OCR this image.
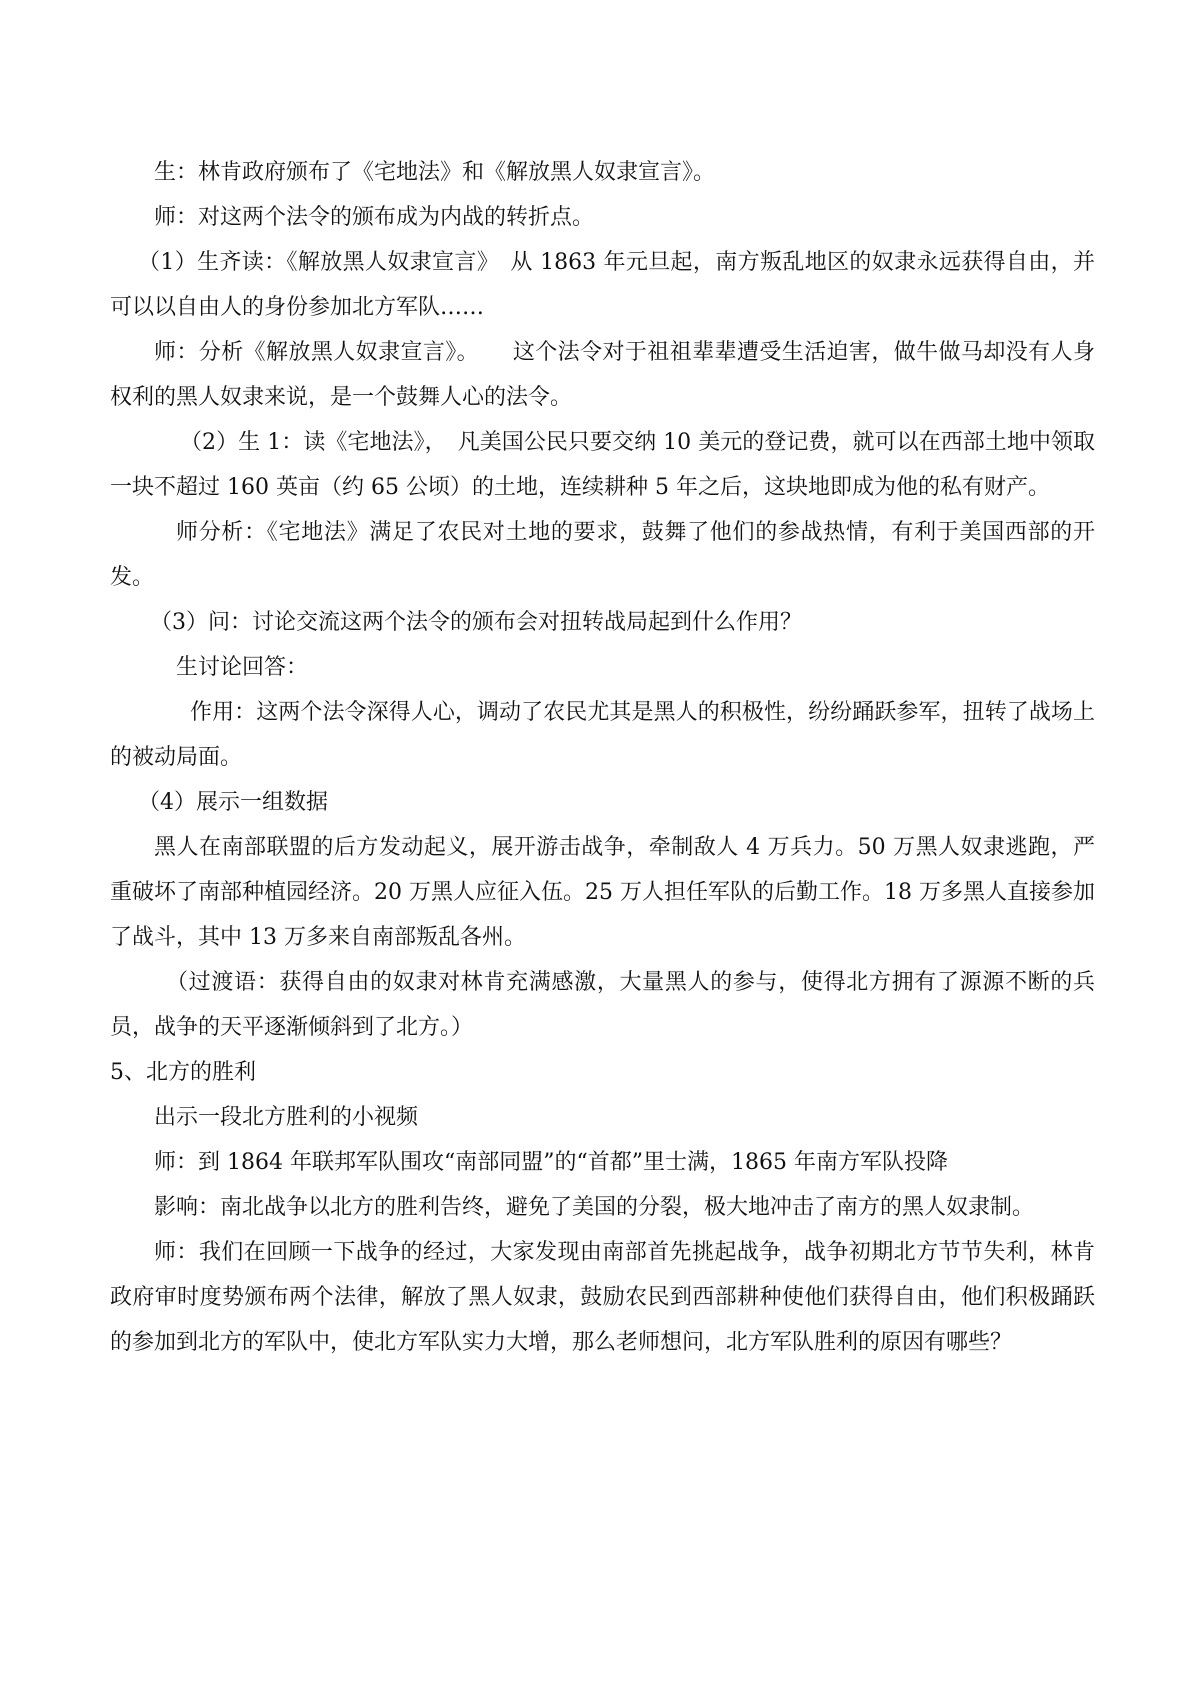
生：林肯政府颁布了《宅地法》和《解放黑人奴隶宣言》。

师：对这两个法令的颁布成为内战的转折点。

（1）生齐读：《解放黑人奴隶宣言》　从 1863 年元旦起，南方叛乱地区的奴隶永远获得自由，并可以以自由人的身份参加北方军队……

师：分析《解放黑人奴隶宣言》。　　这个法令对于祖祖辈辈遭受生活迫害，做牛做马却没有人身权利的黑人奴隶来说，是一个鼓舞人心的法令。

（2）生 1：读《宅地法》，　凡美国公民只要交纳 10 美元的登记费，就可以在西部土地中领取一块不超过 160 英亩（约 65 公顷）的土地，连续耕种 5 年之后，这块地即成为他的私有财产。

师分析：《宅地法》满足了农民对土地的要求，鼓舞了他们的参战热情，有利于美国西部的开发。

（3）问：讨论交流这两个法令的颁布会对扭转战局起到什么作用？

生讨论回答：

作用：这两个法令深得人心，调动了农民尤其是黑人的积极性，纷纷踊跃参军，扭转了战场上的被动局面。

（4）展示一组数据

黑人在南部联盟的后方发动起义，展开游击战争，牵制敌人 4 万兵力。50 万黑人奴隶逃跑，严重破坏了南部种植园经济。20 万黑人应征入伍。25 万人担任军队的后勤工作。18 万多黑人直接参加了战斗，其中 13 万多来自南部叛乱各州。

（过渡语：获得自由的奴隶对林肯充满感激，大量黑人的参与，使得北方拥有了源源不断的兵员，战争的天平逐渐倾斜到了北方。）

5、北方的胜利

出示一段北方胜利的小视频

师：到 1864 年联邦军队围攻“南部同盟”的“首都”里士满，1865 年南方军队投降

影响：南北战争以北方的胜利告终，避免了美国的分裂，极大地冲击了南方的黑人奴隶制。

师：我们在回顾一下战争的经过，大家发现由南部首先挑起战争，战争初期北方节节失利，林肯政府审时度势颁布两个法律，解放了黑人奴隶，鼓励农民到西部耕种使他们获得自由，他们积极踊跃的参加到北方的军队中，使北方军队实力大增，那么老师想问，北方军队胜利的原因有哪些？
